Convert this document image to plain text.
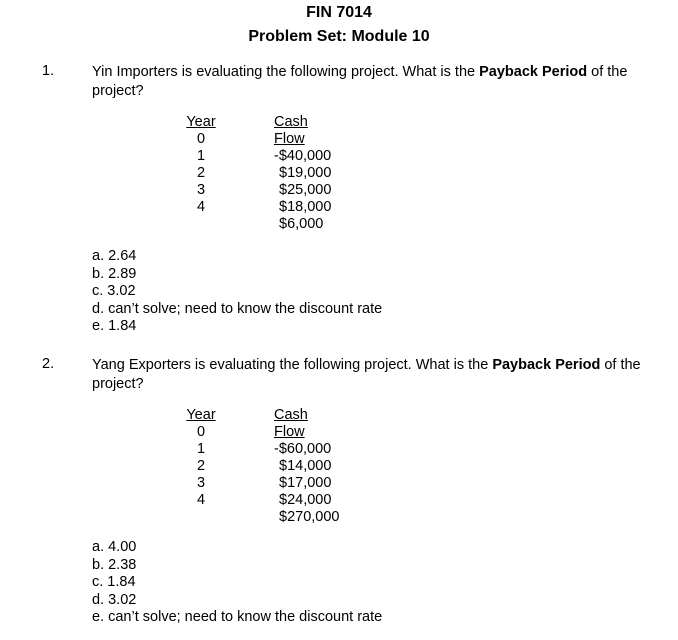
FIN 7014
Problem Set: Module 10
1.	Yin Importers is evaluating the following project. What is the Payback Period of the project?
Year
0
1
2
3
4
Cash Flow
-$40,000
$19,000
$25,000
$18,000
$6,000
a. 2.64
b. 2.89
c. 3.02
d. can’t solve; need to know the discount rate
e. 1.84
2.	Yang Exporters is evaluating the following project. What is the Payback Period of the project?
Year
0
1
2
3
4
Cash Flow
-$60,000
$14,000
$17,000
$24,000
$270,000
a. 4.00
b. 2.38
c. 1.84
d. 3.02
e. can’t solve; need to know the discount rate
